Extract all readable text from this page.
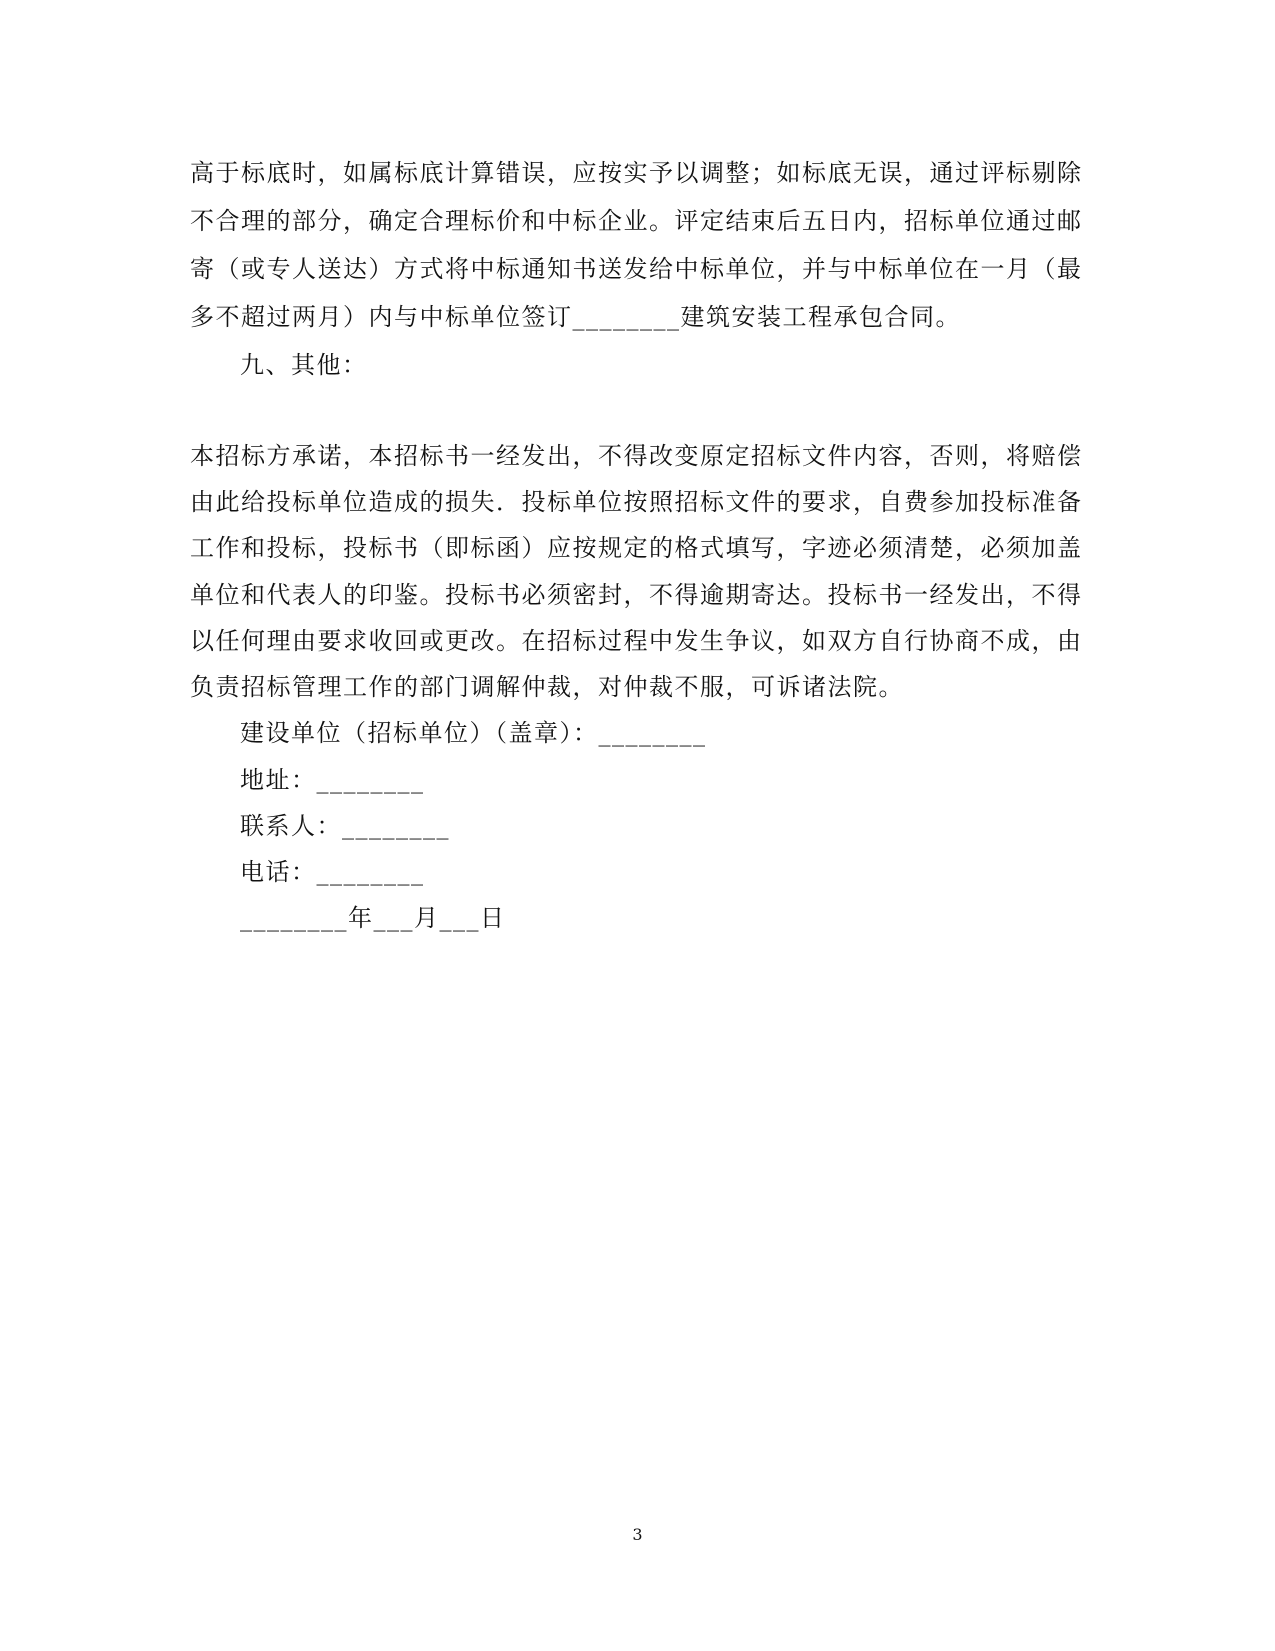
高于标底时，如属标底计算错误，应按实予以调整；如标底无误，通过评标剔除
不合理的部分，确定合理标价和中标企业。评定结束后五日内，招标单位通过邮
寄（或专人送达）方式将中标通知书送发给中标单位，并与中标单位在一月（最
多不超过两月）内与中标单位签订________建筑安装工程承包合同。
九、其他：
本招标方承诺，本招标书一经发出，不得改变原定招标文件内容，否则，将赔偿
由此给投标单位造成的损失．投标单位按照招标文件的要求，自费参加投标准备
工作和投标，投标书（即标函）应按规定的格式填写，字迹必须清楚，必须加盖
单位和代表人的印鉴。投标书必须密封，不得逾期寄达。投标书一经发出，不得
以任何理由要求收回或更改。在招标过程中发生争议，如双方自行协商不成，由
负责招标管理工作的部门调解仲裁，对仲裁不服，可诉诸法院。
建设单位（招标单位）（盖章）：________
地址：________
联系人：________
电话：________
________年___月___日
3
